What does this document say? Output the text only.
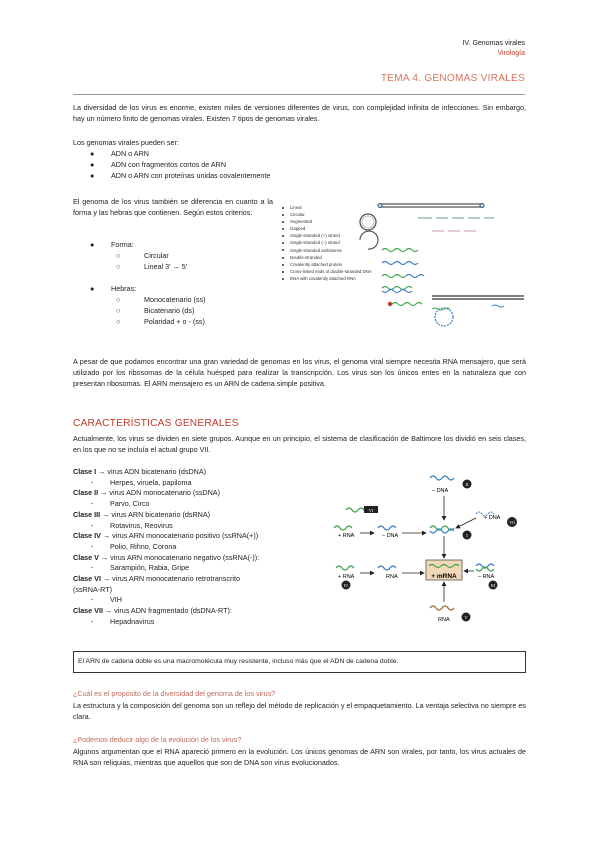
IV. Genomas virales
Virología
TEMA 4. GENOMAS VIRALES

La diversidad de los virus es enorme, existen miles de versiones diferentes de virus, con complejidad infinita de infecciones. Sin embargo, hay un número finito de genomas virales. Existen 7 tipos de genomas virales.

Los genomas virales pueden ser:
● ADN o ARN
● ADN con fragmentos cortos de ARN
● ADN o ARN con proteínas unidas covalentemente

El genoma de los virus también se diferencia en cuanto a la forma y las hebras que contienen. Según estos criterios:

● Forma:
○	Circular
○	Lineal 3’ → 5’
● Hebras:
○	Monocatenario (ss)
○	Bicatenario (ds)
○	Polaridad + o - (ss)
Linear
Circular
Segmented
Gapped
Single-stranded (+) strand
Single-stranded (–) strand
Single-stranded ambisense
Double-stranded
Covalently attached protein
Cross-linked ends of double-stranded DNA
DNA with covalently attached RNA

A pesar de que podamos encontrar una gran variedad de genomas en los virus, el genoma viral siempre necesita RNA mensajero, que será utilizado por los ribosomas de la célula huésped para realizar la transcripción. Los virus son los únicos entes en la naturaleza que con presentan ribosomas. El ARN mensajero es un ARN de cadena simple positiva.

CARACTERÍSTICAS GENERALES

Actualmente, los virus se dividen en siete grupos. Aunque en un principio, el sistema de clasificación de Baltimore los dividió en seis clases, en los que no se incluía el actual grupo VII.

Clase I → virus ADN bicatenario (dsDNA)
- Herpes, viruela, papiloma
Clase II → virus ADN monocatenario (ssDNA)
- Parvo, Circo
Clase III → virus ARN bicatenario (dsRNA)
- Rotavirus, Reovirus
Clase IV → virus ARN monocatenario positivo (ssRNA(+))
- Polio, Rihno, Corona
Clase V → virus ARN monocatenario negativo (ssRNA(-)):
- Sarampión, Rabia, Gripe
Clase VI → virus ARN monocatenario retrotranscrito
(ssRNA-RT)
- VIH
Clase VII → virus ADN fragmentado (dsDNA-RT):
- Hepadnavirus
+ mRNA
– DNA
II
VI
+ DNA
VII
I
+ RNA	– DNA
+ RNA
IV
RNA	– RNA
III
RNA	V
El ARN de cadena doble es una macromolécula muy resistente, incluso más que el ADN de cadena doble.
¿Cuál es el propósito de la diversidad del genoma de los virus?

La estructura y la composición del genoma son un reflejo del método de replicación y el empaquetamiento. La ventaja selectiva no siempre es clara.

¿Podemos deducir algo de la evolución de los virus?

Algunos argumentan que el RNA apareció primero en la evolución. Los únicos genomas de ARN son virales, por tanto, los virus actuales de RNA son reliquias, mientras que aquellos que son de DNA son virus evolucionados.
